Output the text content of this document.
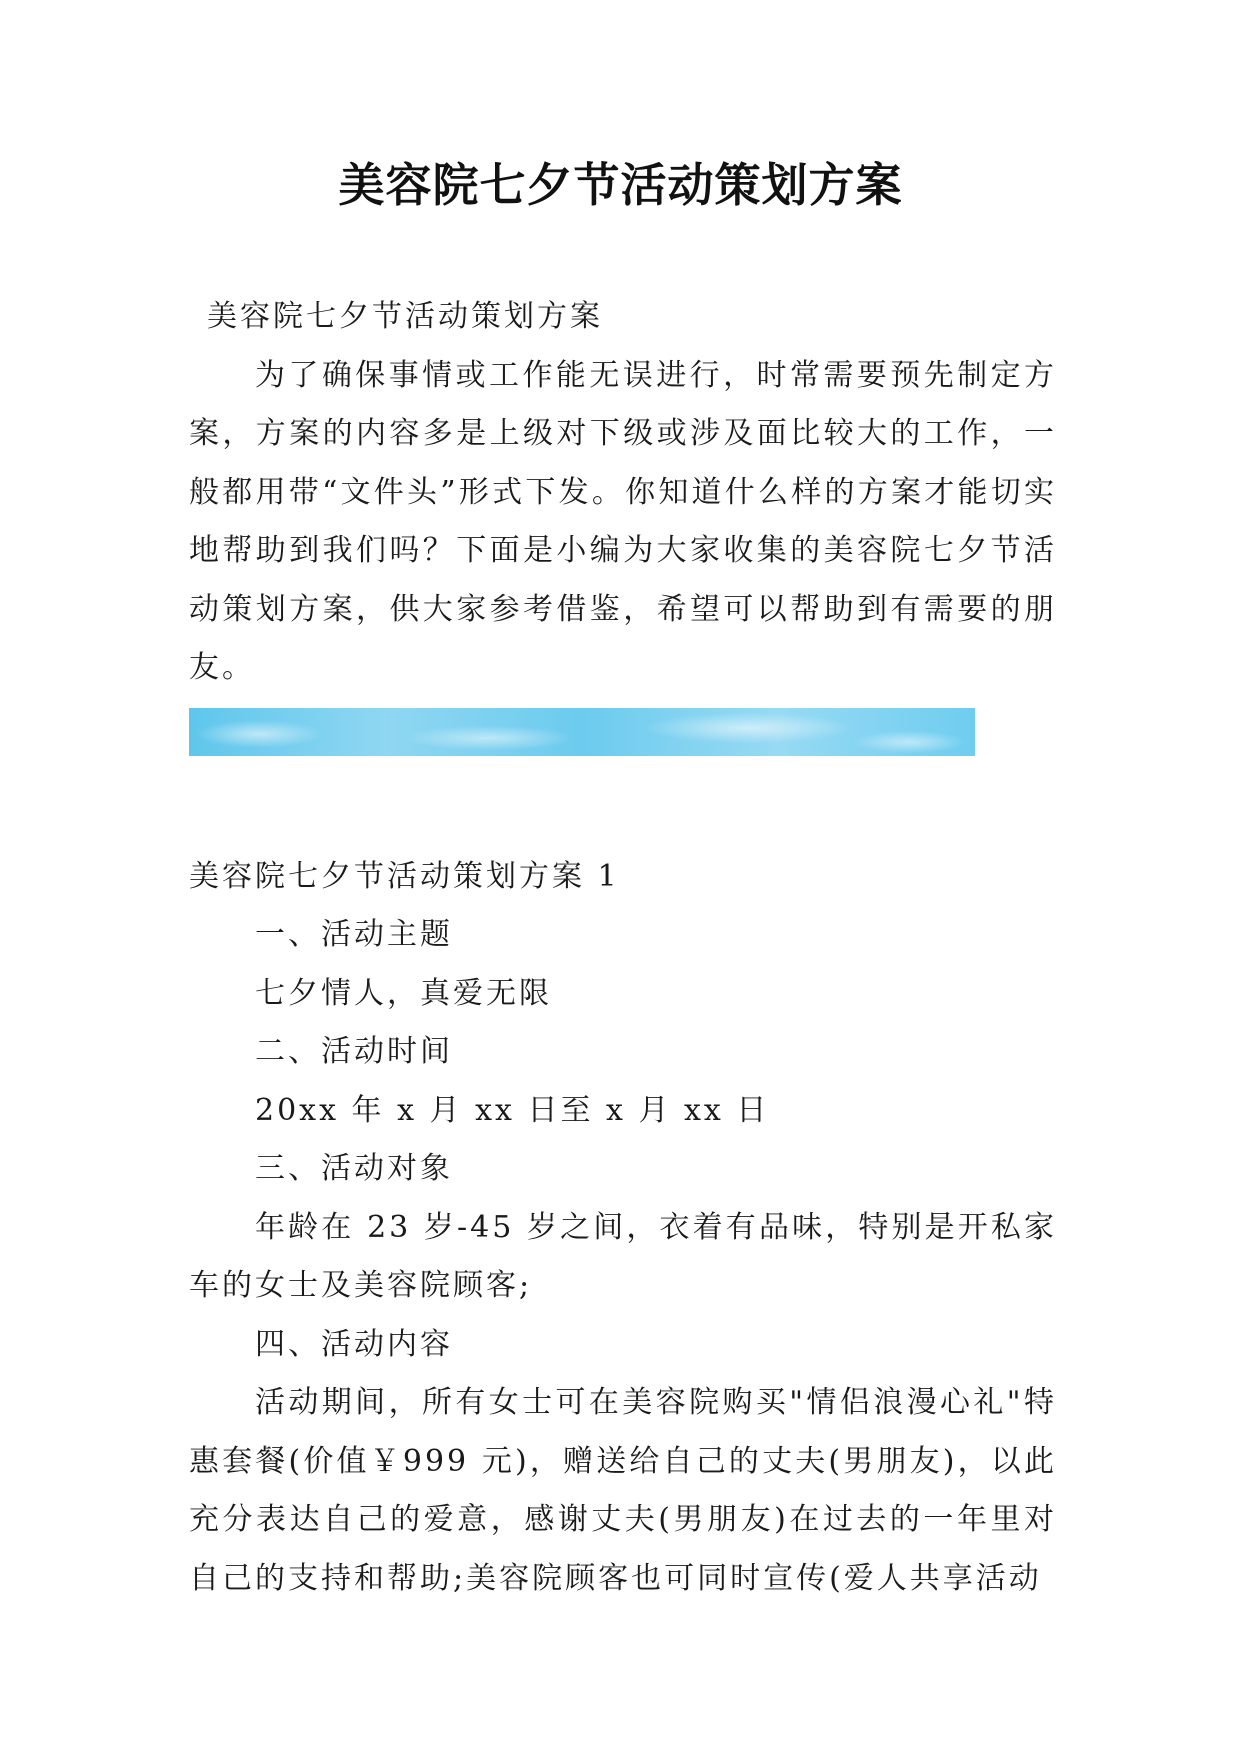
美容院七夕节活动策划方案

美容院七夕节活动策划方案

为了确保事情或工作能无误进行，时常需要预先制定方案，方案的内容多是上级对下级或涉及面比较大的工作，一般都用带“文件头”形式下发。你知道什么样的方案才能切实地帮助到我们吗？下面是小编为大家收集的美容院七夕节活动策划方案，供大家参考借鉴，希望可以帮助到有需要的朋友。

美容院七夕节活动策划方案 1

一、活动主题

七夕情人，真爱无限

二、活动时间

20xx 年 x 月 xx 日至 x 月 xx 日

三、活动对象

年龄在 23 岁-45 岁之间，衣着有品味，特别是开私家车的女士及美容院顾客;

四、活动内容

活动期间，所有女士可在美容院购买"情侣浪漫心礼"特惠套餐(价值￥999 元)，赠送给自己的丈夫(男朋友)，以此充分表达自己的爱意，感谢丈夫(男朋友)在过去的一年里对自己的支持和帮助;美容院顾客也可同时宣传(爱人共享活动
